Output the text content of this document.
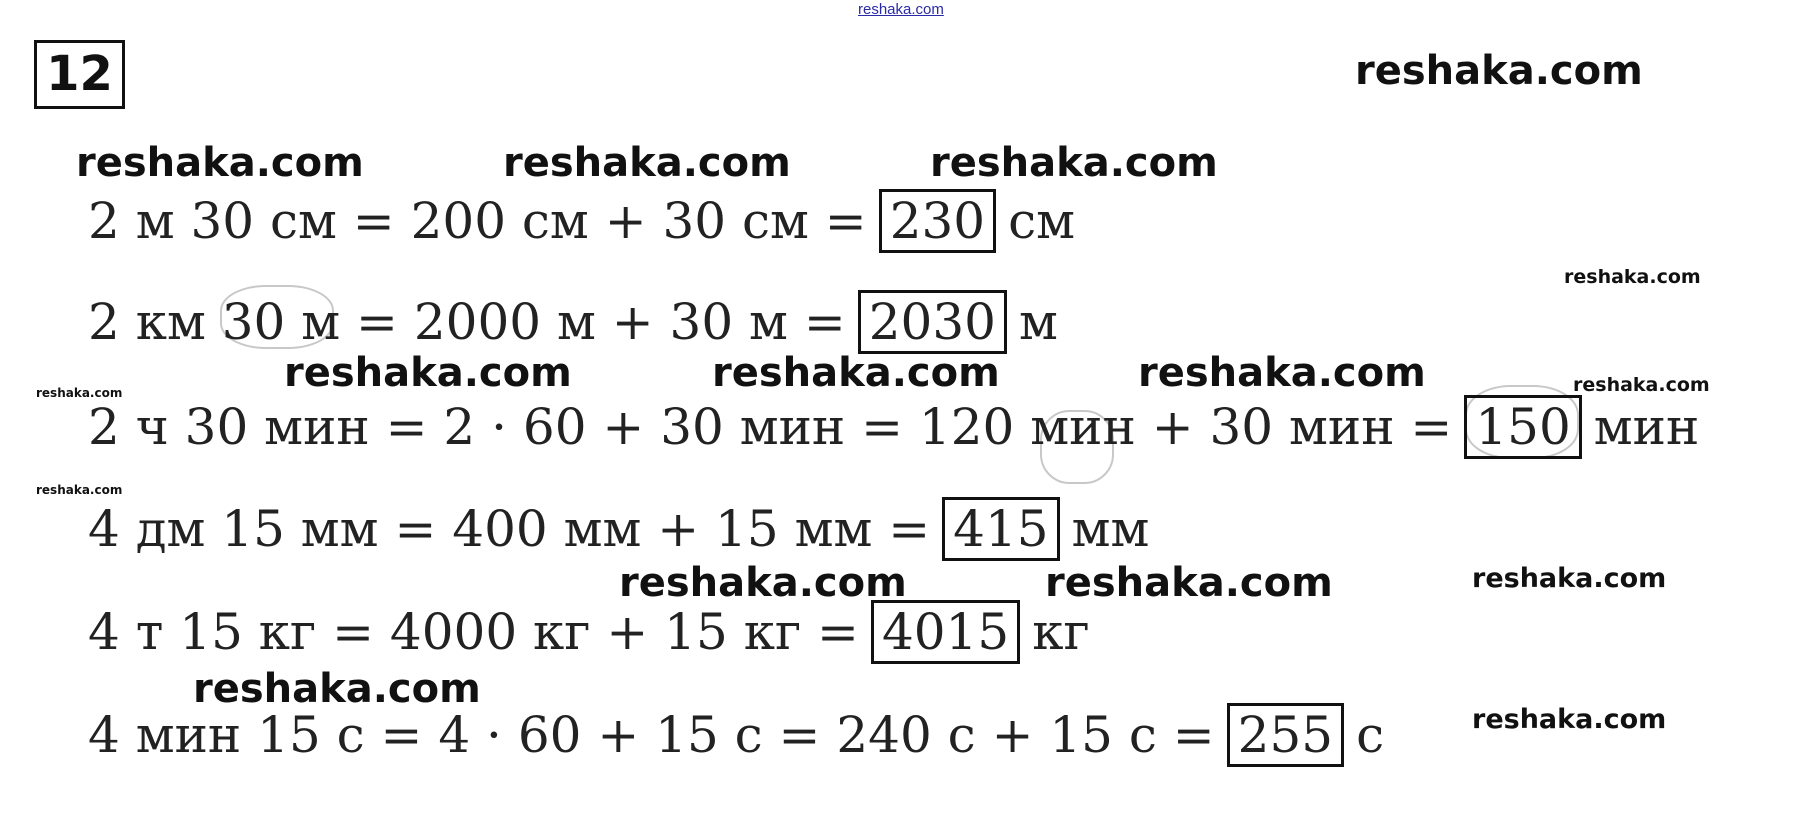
reshaka.com
reshaka.com
reshaka.com	reshaka.com	reshaka.com
reshaka.com
reshaka.com	reshaka.com	reshaka.com	reshaka.com
reshaka.com
reshaka.com
reshaka.com	reshaka.com	reshaka.com
reshaka.com
reshaka.com
12
2 м 30 см = 200 см + 30 см = 230 см
2 км 30 м = 2000 м + 30 м = 2030 м
2 ч 30 мин = 2 · 60 + 30 мин = 120 мин + 30 мин = 150 мин
4 дм 15 мм = 400 мм + 15 мм = 415 мм
4 т 15 кг = 4000 кг + 15 кг = 4015 кг
4 мин 15 с = 4 · 60 + 15 с = 240 с + 15 с = 255 с
